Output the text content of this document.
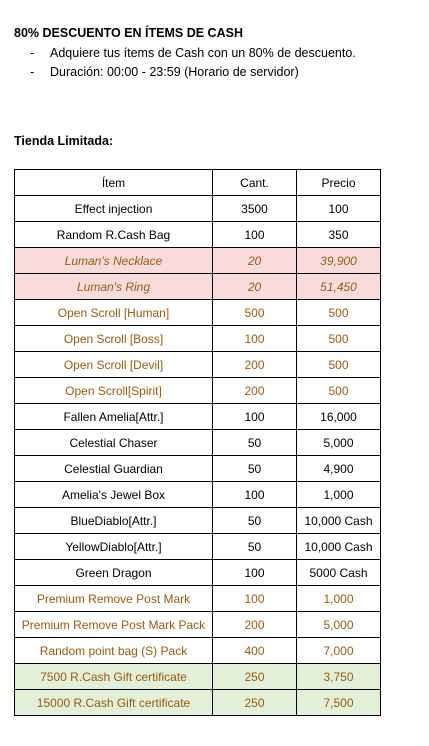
80% DESCUENTO EN ÍTEMS DE CASH
- Adquiere tus ítems de Cash con un 80% de descuento.
- Duración: 00:00 - 23:59 (Horario de servidor)
Tienda Limitada:
Ítem	Cant.	Precio
Effect injection	3500	100
Random R.Cash Bag	100	350
Luman's Necklace	20	39,900
Luman's Ring	20	51,450
Open Scroll [Human]	500	500
Open Scroll [Boss]	100	500
Open Scroll [Devil]	200	500
Open Scroll[Spirit]	200	500
Fallen Amelia[Attr.]	100	16,000
Celestial Chaser	50	5,000
Celestial Guardian	50	4,900
Amelia's Jewel Box	100	1,000
BlueDiablo[Attr.]	50	10,000 Cash
YellowDiablo[Attr.]	50	10,000 Cash
Green Dragon	100	5000 Cash
Premium Remove Post Mark	100	1,000
Premium Remove Post Mark Pack	200	5,000
Random point bag (S) Pack	400	7,000
7500 R.Cash Gift certificate	250	3,750
15000 R.Cash Gift certificate	250	7,500
